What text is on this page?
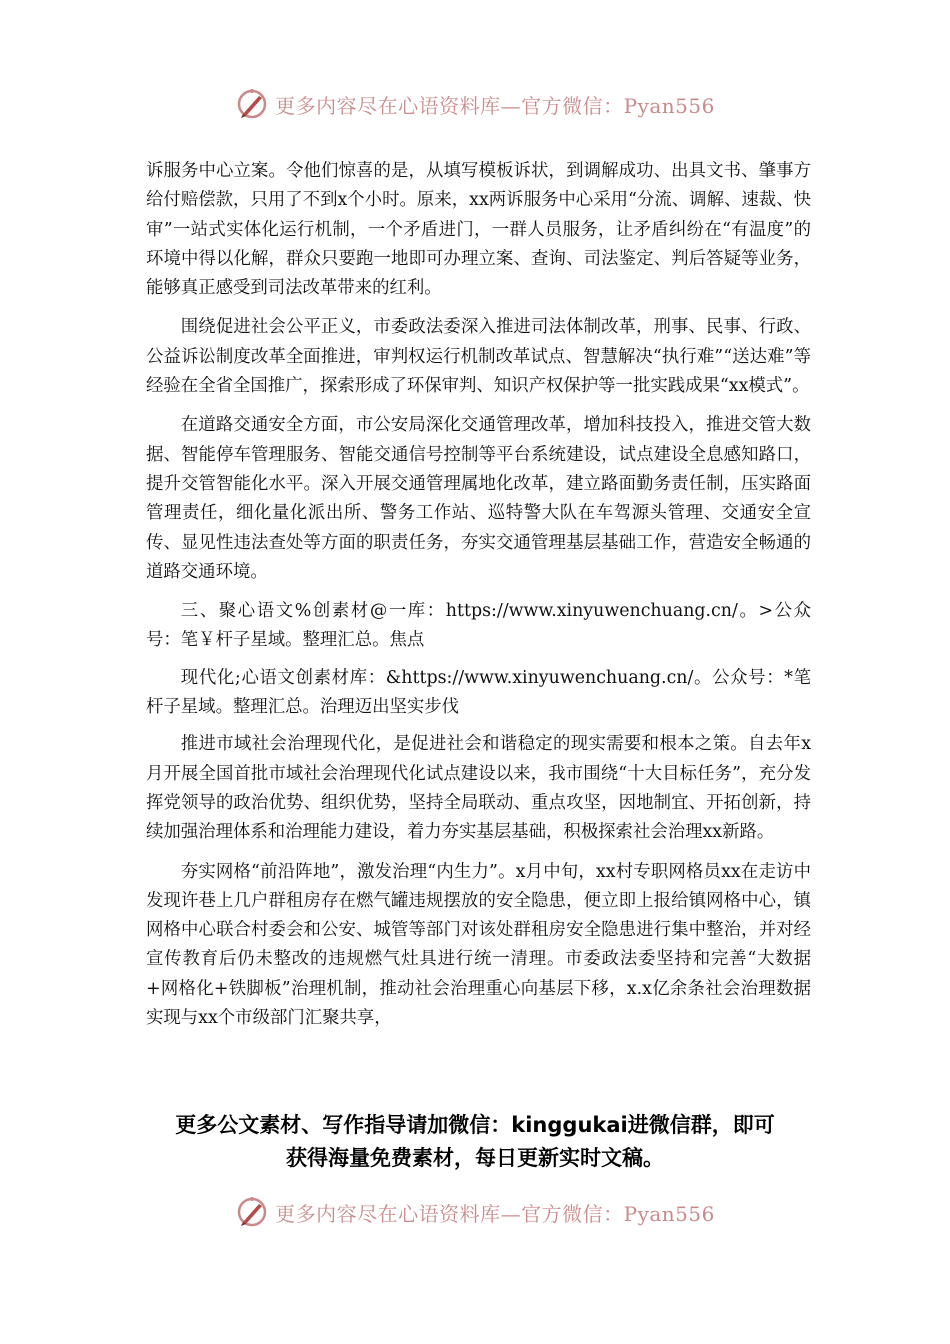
更多内容尽在心语资料库—官方微信：Pyan556

诉服务中心立案。令他们惊喜的是，从填写模板诉状，到调解成功、出具文书、肇事方给付赔偿款，只用了不到x个小时。原来，xx两诉服务中心采用“分流、调解、速裁、快审”一站式实体化运行机制，一个矛盾进门，一群人员服务，让矛盾纠纷在“有温度”的环境中得以化解，群众只要跑一地即可办理立案、查询、司法鉴定、判后答疑等业务，能够真正感受到司法改革带来的红利。

围绕促进社会公平正义，市委政法委深入推进司法体制改革，刑事、民事、行政、公益诉讼制度改革全面推进，审判权运行机制改革试点、智慧解决“执行难”“送达难”等经验在全省全国推广，探索形成了环保审判、知识产权保护等一批实践成果“xx模式”。

在道路交通安全方面，市公安局深化交通管理改革，增加科技投入，推进交管大数据、智能停车管理服务、智能交通信号控制等平台系统建设，试点建设全息感知路口，提升交管智能化水平。深入开展交通管理属地化改革，建立路面勤务责任制，压实路面管理责任，细化量化派出所、警务工作站、巡特警大队在车驾源头管理、交通安全宣传、显见性违法查处等方面的职责任务，夯实交通管理基层基础工作，营造安全畅通的道路交通环境。

三、聚心语文%创素材@一库：https://www.xinyuwenchuang.cn/。>公众号：笔￥杆子星域。整理汇总。焦点

现代化;心语文创素材库：&https://www.xinyuwenchuang.cn/。公众号：*笔杆子星域。整理汇总。治理迈出坚实步伐

推进市域社会治理现代化，是促进社会和谐稳定的现实需要和根本之策。自去年x月开展全国首批市域社会治理现代化试点建设以来，我市围绕“十大目标任务”，充分发挥党领导的政治优势、组织优势，坚持全局联动、重点攻坚，因地制宜、开拓创新，持续加强治理体系和治理能力建设，着力夯实基层基础，积极探索社会治理xx新路。

夯实网格“前沿阵地”，激发治理“内生力”。x月中旬，xx村专职网格员xx在走访中发现许巷上几户群租房存在燃气罐违规摆放的安全隐患，便立即上报给镇网格中心，镇网格中心联合村委会和公安、城管等部门对该处群租房安全隐患进行集中整治，并对经宣传教育后仍未整改的违规燃气灶具进行统一清理。市委政法委坚持和完善“大数据+网格化+铁脚板”治理机制，推动社会治理重心向基层下移，x.x亿余条社会治理数据实现与xx个市级部门汇聚共享，

更多公文素材、写作指导请加微信：kinggukai进微信群，即可
获得海量免费素材，每日更新实时文稿。
更多内容尽在心语资料库—官方微信：Pyan556
